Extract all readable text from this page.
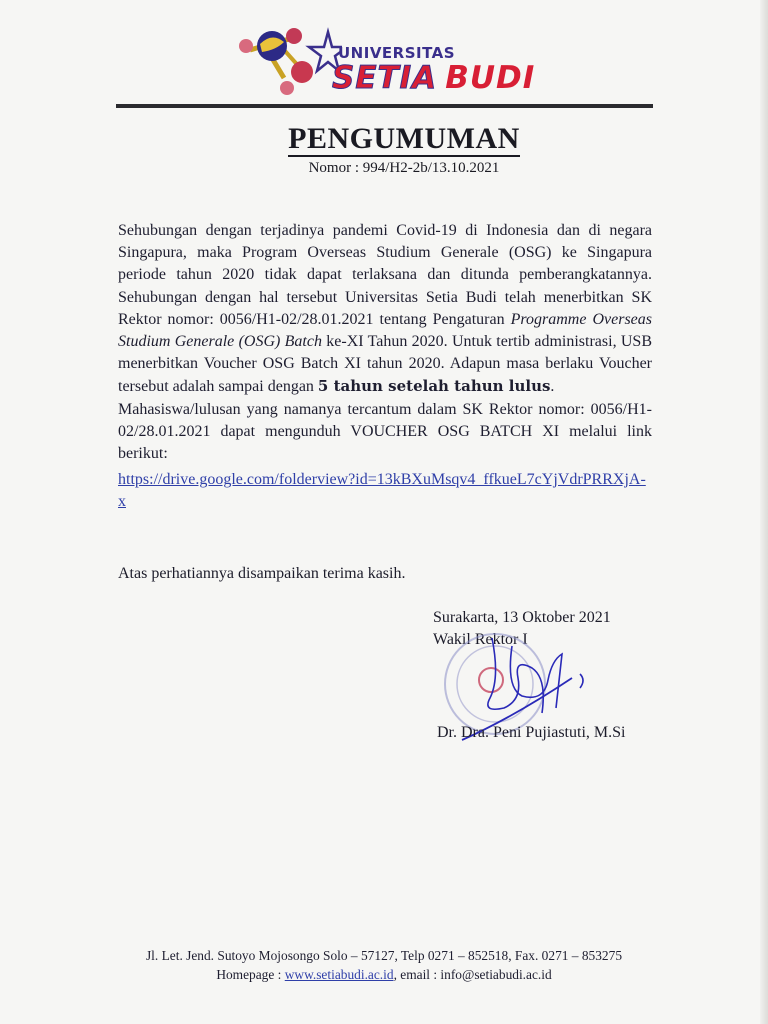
UNIVERSITAS
SETIA BUDI
PENGUMUMAN
Nomor : 994/H2-2b/13.10.2021

Sehubungan dengan terjadinya pandemi Covid-19 di Indonesia dan di negara Singapura, maka Program Overseas Studium Generale (OSG) ke Singapura periode tahun 2020 tidak dapat terlaksana dan ditunda pemberangkatannya. Sehubungan dengan hal tersebut Universitas Setia Budi telah menerbitkan SK Rektor nomor: 0056/H1-02/28.01.2021 tentang Pengaturan Programme Overseas Studium Generale (OSG) Batch ke-XI Tahun 2020. Untuk tertib administrasi, USB menerbitkan Voucher OSG Batch XI tahun 2020. Adapun masa berlaku Voucher tersebut adalah sampai dengan 5 tahun setelah tahun lulus.

Mahasiswa/lulusan yang namanya tercantum dalam SK Rektor nomor: 0056/H1-02/28.01.2021 dapat mengunduh VOUCHER OSG BATCH XI melalui link berikut:

https://drive.google.com/folderview?id=13kBXuMsqv4_ffkueL7cYjVdrPRRXjA-x

Atas perhatiannya disampaikan terima kasih.
Surakarta, 13 Oktober 2021
Wakil Rektor I
Dr. Dra. Peni Pujiastuti, M.Si
Jl. Let. Jend. Sutoyo Mojosongo Solo – 57127, Telp 0271 – 852518, Fax. 0271 – 853275
Homepage : www.setiabudi.ac.id, email : info@setiabudi.ac.id
